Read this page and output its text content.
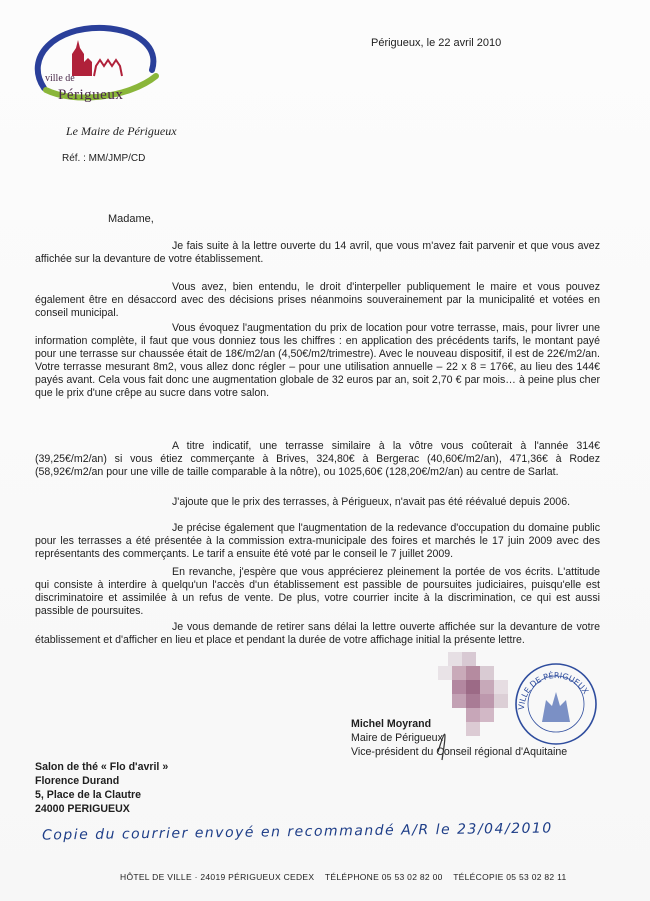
ville de
Périgueux
Le Maire de Périgueux
Réf. : MM/JMP/CD
Périgueux, le 22 avril 2010
Madame,

Je fais suite à la lettre ouverte du 14 avril, que vous m'avez fait parvenir et que vous avez affichée sur la devanture de votre établissement.

Vous avez, bien entendu, le droit d'interpeller publiquement le maire et vous pouvez également être en désaccord avec des décisions prises néanmoins souverainement par la municipalité et votées en conseil municipal.

Vous évoquez l'augmentation du prix de location pour votre terrasse, mais, pour livrer une information complète, il faut que vous donniez tous les chiffres : en application des précédents tarifs, le montant payé pour une terrasse sur chaussée était de 18€/m2/an (4,50€/m2/trimestre). Avec le nouveau dispositif, il est de 22€/m2/an. Votre terrasse mesurant 8m2, vous allez donc régler – pour une utilisation annuelle – 22 x 8 = 176€, au lieu des 144€ payés avant. Cela vous fait donc une augmentation globale de 32 euros par an, soit 2,70 € par mois… à peine plus cher que le prix d'une crêpe au sucre dans votre salon.

A titre indicatif, une terrasse similaire à la vôtre vous coûterait à l'année 314€ (39,25€/m2/an) si vous étiez commerçante à Brives, 324,80€ à Bergerac (40,60€/m2/an), 471,36€ à Rodez (58,92€/m2/an pour une ville de taille comparable à la nôtre), ou 1025,60€ (128,20€/m2/an) au centre de Sarlat.

J'ajoute que le prix des terrasses, à Périgueux, n'avait pas été réévalué depuis 2006.

Je précise également que l'augmentation de la redevance d'occupation du domaine public pour les terrasses a été présentée à la commission extra-municipale des foires et marchés le 17 juin 2009 avec des représentants des commerçants. Le tarif a ensuite été voté par le conseil le 7 juillet 2009.

En revanche, j'espère que vous apprécierez pleinement la portée de vos écrits. L'attitude qui consiste à interdire à quelqu'un l'accès d'un établissement est passible de poursuites judiciaires, puisqu'elle est discriminatoire et assimilée à un refus de vente. De plus, votre courrier incite à la discrimination, ce qui est aussi passible de poursuites.

Je vous demande de retirer sans délai la lettre ouverte affichée sur la devanture de votre établissement et d'afficher en lieu et place et pendant la durée de votre affichage initial la présente lettre.

VILLE DE PÉRIGUEUX
Michel Moyrand
Maire de Périgueux
Vice-président du Conseil régional d'Aquitaine
Salon de thé « Flo d'avril »
Florence Durand
5, Place de la Clautre
24000 PERIGUEUX
Copie du courrier envoyé en recommandé A/R le 23/04/2010
HÔTEL DE VILLE · 24019 PÉRIGUEUX CEDEX TÉLÉPHONE 05 53 02 82 00 TÉLÉCOPIE 05 53 02 82 11
